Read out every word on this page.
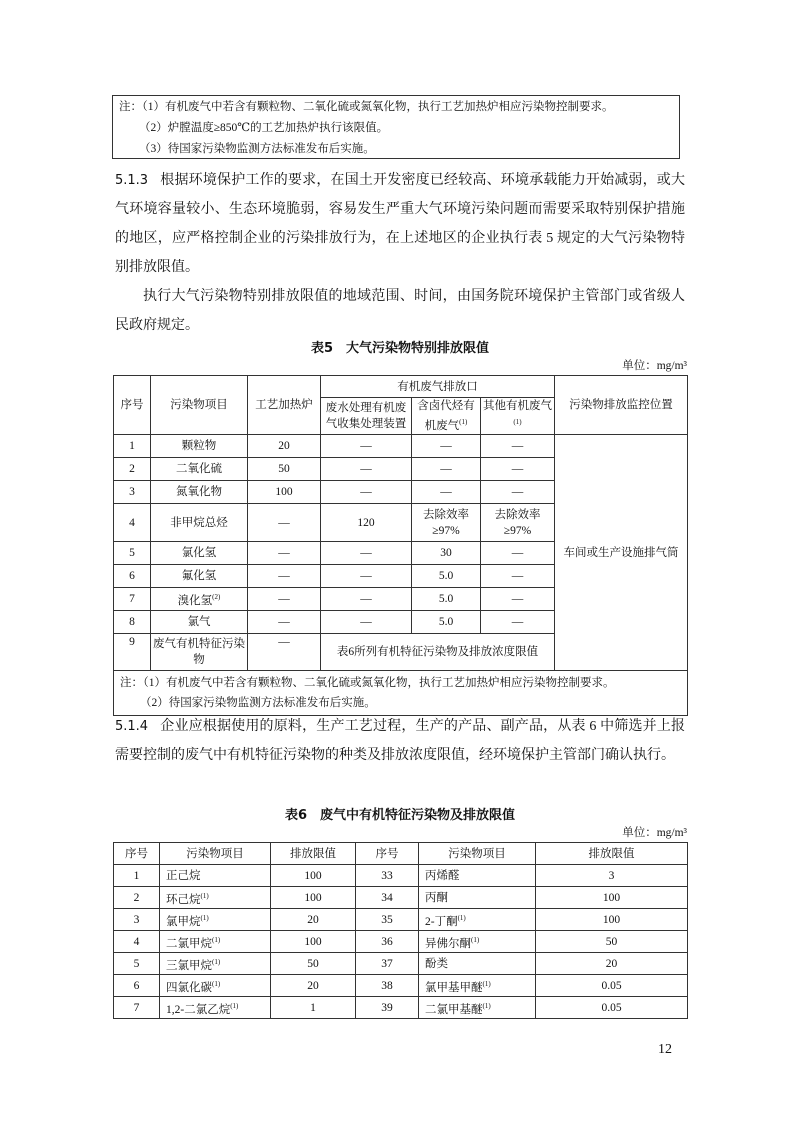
注：（1）有机废气中若含有颗粒物、二氧化硫或氮氧化物，执行工艺加热炉相应污染物控制要求。
（2）炉膛温度≥850℃的工艺加热炉执行该限值。
（3）待国家污染物监测方法标准发布后实施。
5.1.3 根据环境保护工作的要求，在国土开发密度已经较高、环境承载能力开始减弱，或大气环境容量较小、生态环境脆弱，容易发生严重大气环境污染问题而需要采取特别保护措施的地区，应严格控制企业的污染排放行为，在上述地区的企业执行表 5 规定的大气污染物特别排放限值。
执行大气污染物特别排放限值的地域范围、时间，由国务院环境保护主管部门或省级人民政府规定。
表5　大气污染物特别排放限值
单位：mg/m³
序号	污染物项目	工艺加热炉	有机废气排放口			污染物排放监控位置
			废水处理有机废气收集处理装置	含卤代烃有机废气$^{(1)}$	其他有机废气$^{(1)}$
1	颗粒物	20	—	—	—	车间或生产设施排气筒
2	二氧化硫	50	—	—	—	
3	氮氧化物	100	—	—	—	
4	非甲烷总烃	—	120	去除效率≥97%	去除效率≥97%	
5	氯化氢	—	—	30	—	
6	氟化氢	—	—	5.0	—	
7	溴化氢$^{(2)}$	—	—	5.0	—	
8	氯气	—	—	5.0	—	
9	废气有机特征污染物	—	表6所列有机特征污染物及排放浓度限值			

注：（1）有机废气中若含有颗粒物、二氧化硫或氮氧化物，执行工艺加热炉相应污染物控制要求。
（2）待国家污染物监测方法标准发布后实施。						
5.1.4 企业应根据使用的原料，生产工艺过程，生产的产品、副产品，从表 6 中筛选并上报需要控制的废气中有机特征污染物的种类及排放浓度限值，经环境保护主管部门确认执行。
表6　废气中有机特征污染物及排放限值
单位：mg/m³
序号	污染物项目	排放限值	序号	污染物项目	排放限值
1	正己烷	100	33	丙烯醛	3
2	环己烷$^{(1)}$	100	34	丙酮	100
3	氯甲烷$^{(1)}$	20	35	2-丁酮$^{(1)}$	100
4	二氯甲烷$^{(1)}$	100	36	异佛尔酮$^{(1)}$	50
5	三氯甲烷$^{(1)}$	50	37	酚类	20
6	四氯化碳$^{(1)}$	20	38	氯甲基甲醚$^{(1)}$	0.05
7	1,2-二氯乙烷$^{(1)}$	1	39	二氯甲基醚$^{(1)}$	0.05
12
